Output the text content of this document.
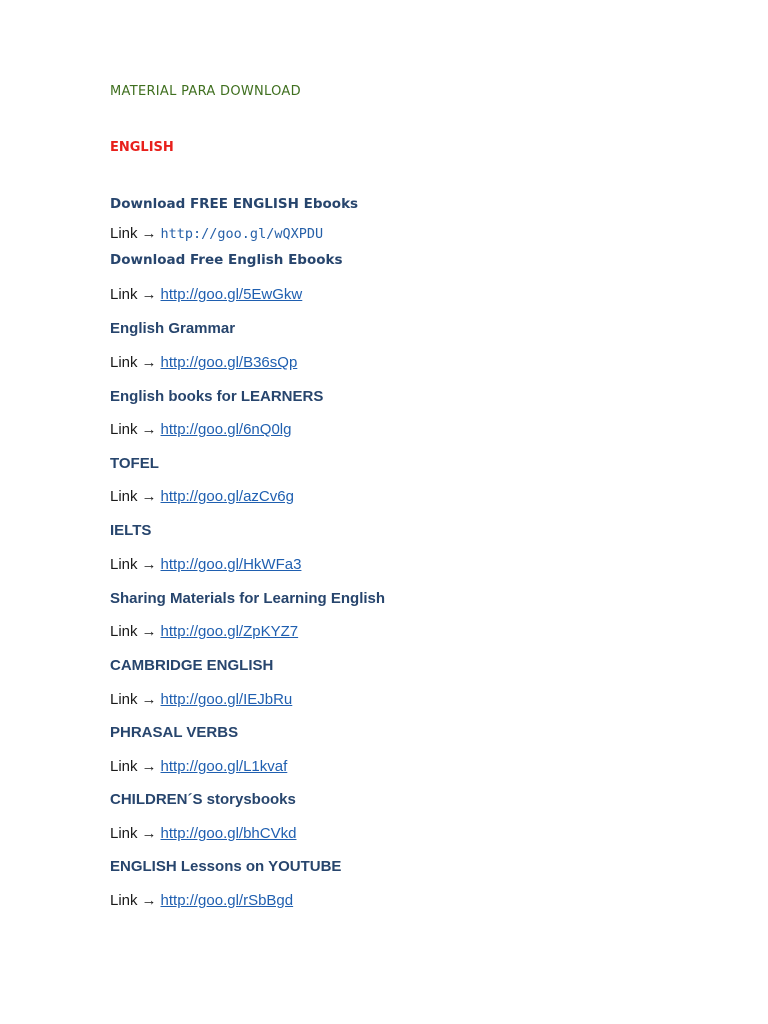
MATERIAL PARA DOWNLOAD
ENGLISH
Download FREE ENGLISH Ebooks
Link → http://goo.gl/wQXPDU
Download Free English Ebooks
Link → http://goo.gl/5EwGkw
English Grammar
Link → http://goo.gl/B36sQp
English books for LEARNERS
Link → http://goo.gl/6nQ0lg
TOFEL
Link → http://goo.gl/azCv6g
IELTS
Link → http://goo.gl/HkWFa3
Sharing Materials for Learning English
Link → http://goo.gl/ZpKYZ7
CAMBRIDGE ENGLISH
Link → http://goo.gl/IEJbRu
PHRASAL VERBS
Link → http://goo.gl/L1kvaf
CHILDREN´S storysbooks
Link → http://goo.gl/bhCVkd
ENGLISH Lessons on YOUTUBE
Link → http://goo.gl/rSbBgd
